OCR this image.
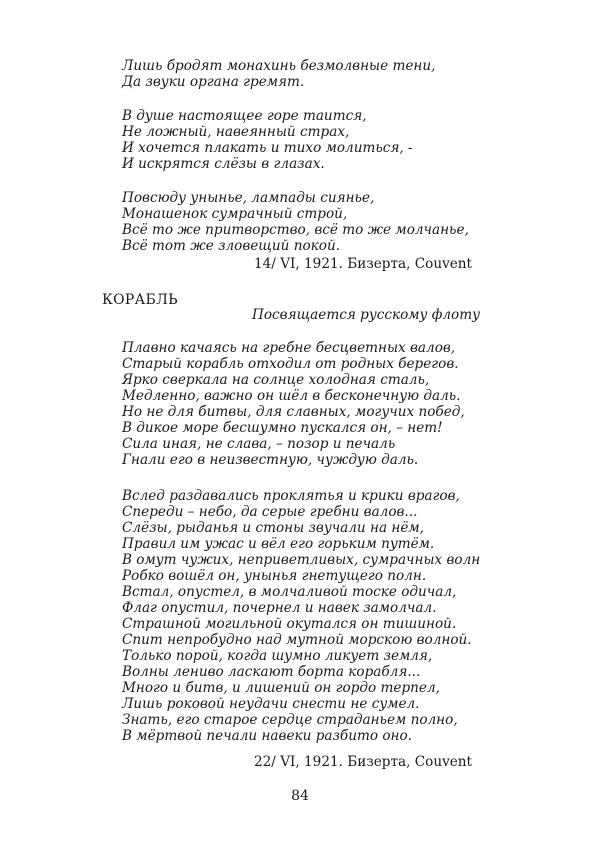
Лишь бродят монахинь безмолвные тени,
Да звуки органа гремят.
В душе настоящее горе таится,
Не ложный, навеянный страх,
И хочется плакать и тихо молиться, -
И искрятся слёзы в глазах.
Повсюду унынье, лампады сиянье,
Монашенок сумрачный строй,
Всё то же притворство, всё то же молчанье,
Всё тот же зловещий покой.
14/ VI, 1921. Бизерта, Couvent
КОРАБЛЬ
Посвящается русскому флоту
Плавно качаясь на гребне бесцветных валов,
Старый корабль отходил от родных берегов.
Ярко сверкала на солнце холодная сталь,
Медленно, важно он шёл в бесконечную даль.
Но не для битвы, для славных, могучих побед,
В дикое море бесшумно пускался он, – нет!
Сила иная, не слава, – позор и печаль
Гнали его в неизвестную, чуждую даль.
Вслед раздавались проклятья и крики врагов,
Спереди – небо, да серые гребни валов...
Слёзы, рыданья и стоны звучали на нём,
Правил им ужас и вёл его горьким путём.
В омут чужих, неприветливых, сумрачных волн
Робко вошёл он, унынья гнетущего полн.
Встал, опустел, в молчаливой тоске одичал,
Флаг опустил, почернел и навек замолчал.
Страшной могильной окутался он тишиной.
Спит непробудно над мутной морскою волной.
Только порой, когда шумно ликует земля,
Волны лениво ласкают борта корабля...
Много и битв, и лишений он гордо терпел,
Лишь роковой неудачи снести не сумел.
Знать, его старое сердце страданьем полно,
В мёртвой печали навеки разбито оно.
22/ VI, 1921. Бизерта, Couvent
84
